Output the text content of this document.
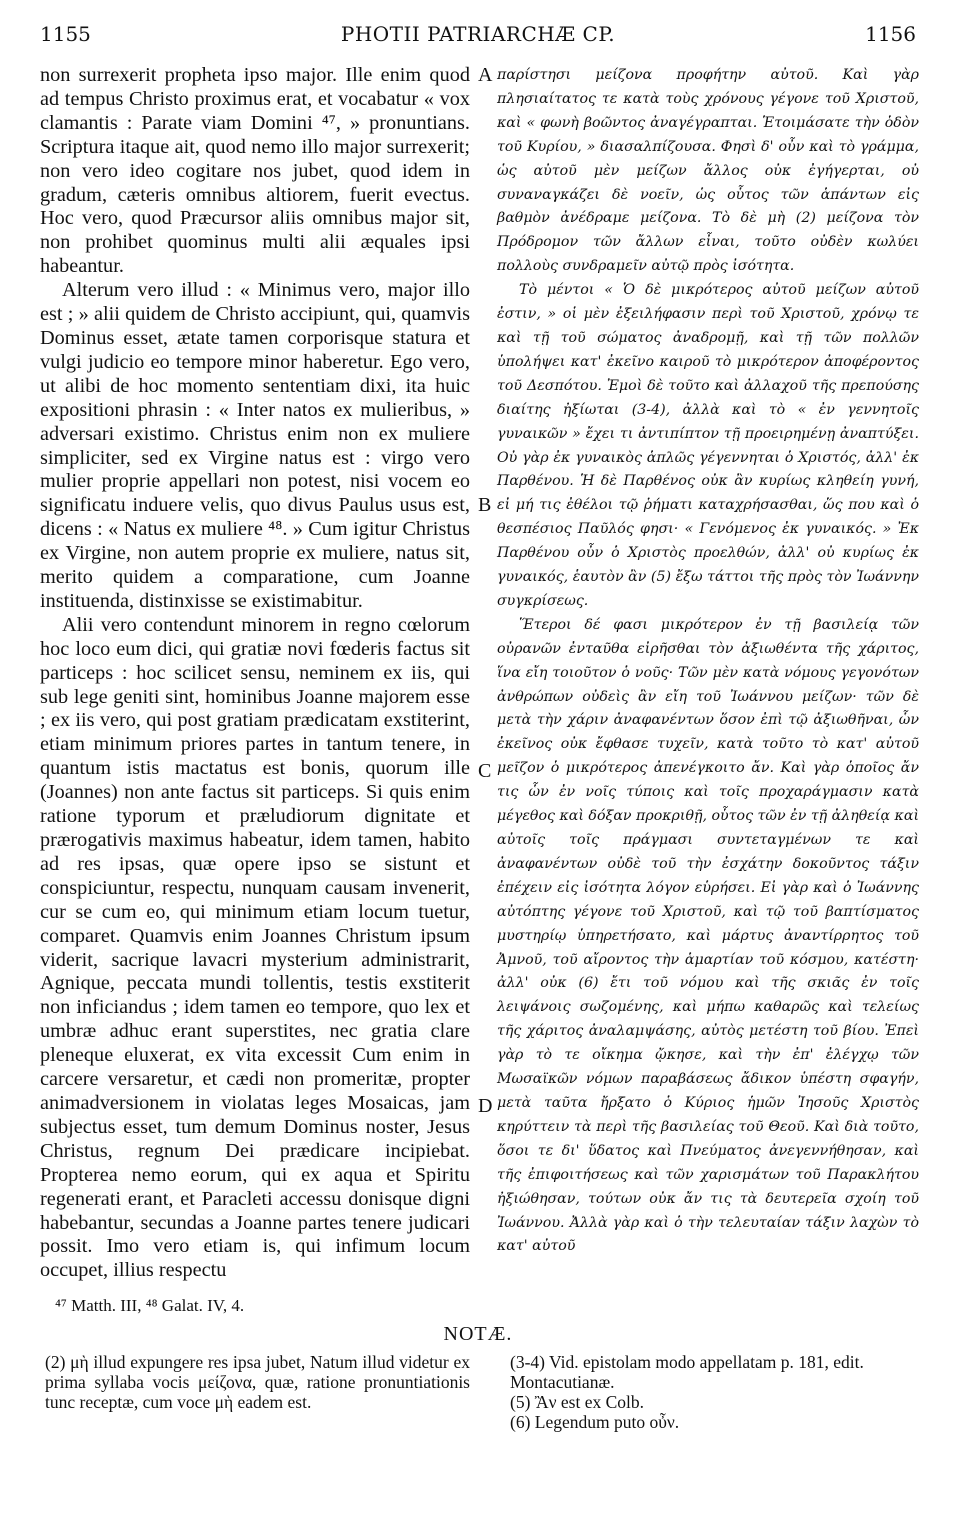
1155	PHOTII PATRIARCHÆ CP.	1156

non surrexerit propheta ipso major. Ille enim quod ad tempus Christo proximus erat, et vocabatur « vox clamantis : Parate viam Domini ⁴⁷, » pronuntians. Scriptura itaque ait, quod nemo illo major surrexerit; non vero ideo cogitare nos jubet, quod idem in gradum, cæteris omnibus altiorem, fuerit evectus. Hoc vero, quod Præcursor aliis omnibus major sit, non prohibet quominus multi alii æquales ipsi habeantur.

Alterum vero illud : « Minimus vero, major illo est ; » alii quidem de Christo accipiunt, qui, quamvis Dominus esset, ætate tamen corporisque statura et vulgi judicio eo tempore minor haberetur. Ego vero, ut alibi de hoc momento sententiam dixi, ita huic expositioni phrasin : « Inter natos ex mulieribus, » adversari existimo. Christus enim non ex muliere simpliciter, sed ex Virgine natus est : virgo vero mulier proprie appellari non potest, nisi vocem eo significatu induere velis, quo divus Paulus usus est, dicens : « Natus ex muliere ⁴⁸. » Cum igitur Christus ex Virgine, non autem proprie ex muliere, natus sit, merito quidem a comparatione, cum Joanne instituenda, distinxisse se existimabitur.

Alii vero contendunt minorem in regno cœlorum hoc loco eum dici, qui gratiæ novi fœderis factus sit particeps : hoc scilicet sensu, neminem ex iis, qui sub lege geniti sint, hominibus Joanne majorem esse ; ex iis vero, qui post gratiam prædicatam exstiterint, etiam minimum priores partes in tantum tenere, in quantum istis mactatus est bonis, quorum ille (Joannes) non ante factus sit particeps. Si quis enim ratione typorum et præludiorum dignitate et prærogativis maximus habeatur, idem tamen, habito ad res ipsas, quæ opere ipso se sistunt et conspiciuntur, respectu, nunquam causam invenerit, cur se cum eo, qui minimum etiam locum tuetur, comparet. Quamvis enim Joannes Christum ipsum viderit, sacrique lavacri mysterium administrarit, Agnique, peccata mundi tollentis, testis exstiterit non inficiandus ; idem tamen eo tempore, quo lex et umbræ adhuc erant superstites, nec gratia clare pleneque eluxerat, ex vita excessit Cum enim in carcere versaretur, et cædi non promeritæ, propter animadversionem in violatas leges Mosaicas, jam subjectus esset, tum demum Dominus noster, Jesus Christus, regnum Dei prædicare incipiebat. Propterea nemo eorum, qui ex aqua et Spiritu regenerati erant, et Paracleti accessu donisque digni habebantur, secundas a Joanne partes tenere judicari possit. Imo vero etiam is, qui infimum locum occupet, illius respectu

A
B
C
D

παρίστησι μείζονα προφήτην αὐτοῦ. Καὶ γὰρ πλησιαίτατος τε κατὰ τοὺς χρόνους γέγονε τοῦ Χριστοῦ, καὶ « φωνὴ βοῶντος ἀναγέγραπται. Ἑτοιμάσατε τὴν ὁδὸν τοῦ Κυρίου, » διασαλπίζουσα. Φησὶ δ' οὖν καὶ τὸ γράμμα, ὡς αὐτοῦ μὲν μείζων ἄλλος οὐκ ἐγήγερται, οὐ συναναγκάζει δὲ νοεῖν, ὡς οὗτος τῶν ἁπάντων εἰς βαθμὸν ἀνέδραμε μείζονα. Τὸ δὲ μὴ (2) μείζονα τὸν Πρόδρομον τῶν ἄλλων εἶναι, τοῦτο οὐδὲν κωλύει πολλοὺς συνδραμεῖν αὐτῷ πρὸς ἰσότητα.

Τὸ μέντοι « Ὁ δὲ μικρότερος αὐτοῦ μείζων αὐτοῦ ἐστιν, » οἱ μὲν ἐξειλήφασιν περὶ τοῦ Χριστοῦ, χρόνῳ τε καὶ τῇ τοῦ σώματος ἀναδρομῇ, καὶ τῇ τῶν πολλῶν ὑπολήψει κατ' ἐκεῖνο καιροῦ τὸ μικρότερον ἀποφέροντος τοῦ Δεσπότου. Ἐμοὶ δὲ τοῦτο καὶ ἀλλαχοῦ τῆς πρεπούσης διαίτης ἠξίωται (3-4), ἀλλὰ καὶ τὸ « ἐν γεννητοῖς γυναικῶν » ἔχει τι ἀντιπίπτον τῇ προειρημένῃ ἀναπτύξει. Οὐ γὰρ ἐκ γυναικὸς ἁπλῶς γέγεννηται ὁ Χριστός, ἀλλ' ἐκ Παρθένου. Ἡ δὲ Παρθένος οὐκ ἂν κυρίως κληθείη γυνή, εἰ μή τις ἐθέλοι τῷ ῥήματι καταχρήσασθαι, ὥς που καὶ ὁ θεσπέσιος Παῦλός φησι· « Γενόμενος ἐκ γυναικός. » Ἐκ Παρθένου οὖν ὁ Χριστὸς προελθών, ἀλλ' οὐ κυρίως ἐκ γυναικός, ἑαυτὸν ἂν (5) ἔξω τάττοι τῆς πρὸς τὸν Ἰωάννην συγκρίσεως.

Ἕτεροι δέ φασι μικρότερον ἐν τῇ βασιλείᾳ τῶν οὐρανῶν ἐνταῦθα εἰρῆσθαι τὸν ἀξιωθέντα τῆς χάριτος, ἵνα εἴη τοιοῦτον ὁ νοῦς· Τῶν μὲν κατὰ νόμους γεγονότων ἀνθρώπων οὐδεὶς ἂν εἴη τοῦ Ἰωάννου μείζων· τῶν δὲ μετὰ τὴν χάριν ἀναφανέντων ὅσον ἐπὶ τῷ ἀξιωθῆναι, ὧν ἐκεῖνος οὐκ ἔφθασε τυχεῖν, κατὰ τοῦτο τὸ κατ' αὐτοῦ μεῖζον ὁ μικρότερος ἀπενέγκοιτο ἄν. Καὶ γὰρ ὁποῖος ἄν τις ὧν ἐν νοῖς τύποις καὶ τοῖς προχαράγμασιν κατὰ μέγεθος καὶ δόξαν προκριθῇ, οὗτος τῶν ἐν τῇ ἀληθείᾳ καὶ αὐτοῖς τοῖς πράγμασι συντεταγμένων τε καὶ ἀναφανέντων οὐδὲ τοῦ τὴν ἐσχάτην δοκοῦντος τάξιν ἐπέχειν εἰς ἰσότητα λόγον εὑρήσει. Εἰ γὰρ καὶ ὁ Ἰωάννης αὐτόπτης γέγονε τοῦ Χριστοῦ, καὶ τῷ τοῦ βαπτίσματος μυστηρίῳ ὑπηρετήσατο, καὶ μάρτυς ἀναντίρρητος τοῦ Ἀμνοῦ, τοῦ αἴροντος τὴν ἁμαρτίαν τοῦ κόσμου, κατέστη· ἀλλ' οὐκ (6) ἔτι τοῦ νόμου καὶ τῆς σκιᾶς ἐν τοῖς λειψάνοις σωζομένης, καὶ μήπω καθαρῶς καὶ τελείως τῆς χάριτος ἀναλαμψάσης, αὐτὸς μετέστη τοῦ βίου. Ἐπεὶ γὰρ τὸ τε οἴκημα ᾤκησε, καὶ τὴν ἐπ' ἐλέγχῳ τῶν Μωσαϊκῶν νόμων παραβάσεως ἄδικον ὑπέστη σφαγήν, μετὰ ταῦτα ἤρξατο ὁ Κύριος ἡμῶν Ἰησοῦς Χριστὸς κηρύττειν τὰ περὶ τῆς βασιλείας τοῦ Θεοῦ. Καὶ διὰ τοῦτο, ὅσοι τε δι' ὕδατος καὶ Πνεύματος ἀνεγεννήθησαν, καὶ τῆς ἐπιφοιτήσεως καὶ τῶν χαρισμάτων τοῦ Παρακλήτου ἠξιώθησαν, τούτων οὐκ ἄν τις τὰ δευτερεῖα σχοίη τοῦ Ἰωάννου. Ἀλλὰ γὰρ καὶ ὁ τὴν τελευταίαν τάξιν λαχὼν τὸ κατ' αὐτοῦ

⁴⁷ Matth. III, ⁴⁸ Galat. IV, 4.
NOTÆ.
(2) μὴ illud expungere res ipsa jubet, Natum illud videtur ex prima syllaba vocis μείζονα, quæ, ratione pronuntiationis tunc receptæ, cum voce μὴ eadem est.
(3-4) Vid. epistolam modo appellatam p. 181, edit. Montacutianæ.
(5) Ἂν est ex Colb.
(6) Legendum puto οὖν.
